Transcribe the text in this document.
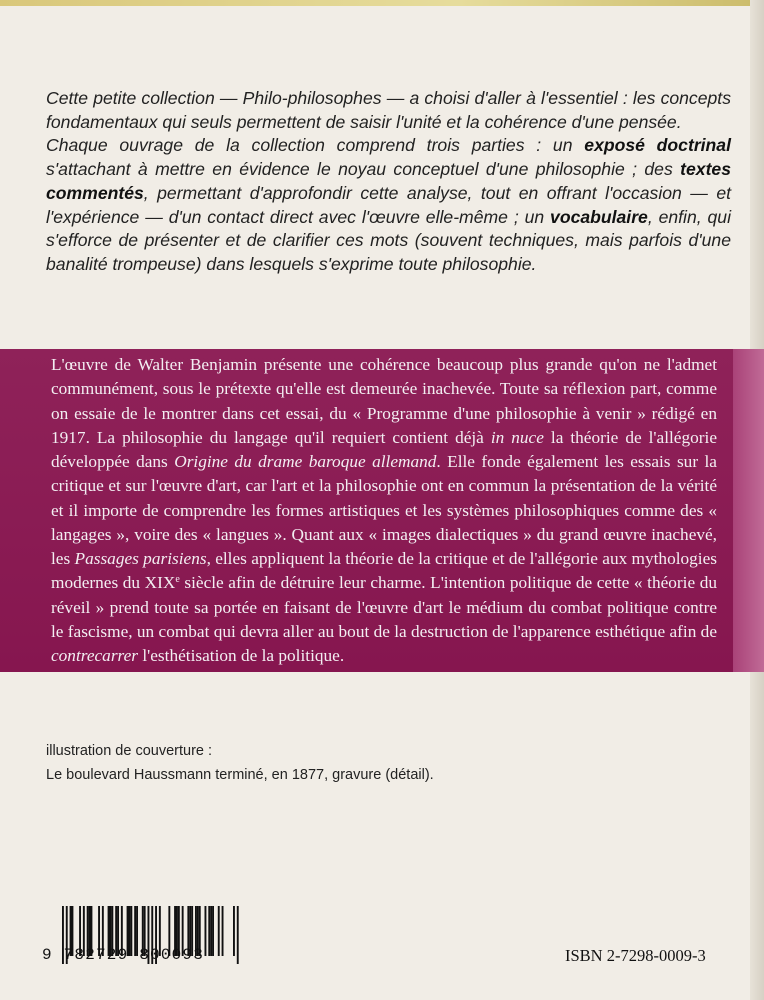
Cette petite collection — Philo-philosophes — a choisi d'aller à l'essentiel : les concepts fondamentaux qui seuls permettent de saisir l'unité et la cohérence d'une pensée.

Chaque ouvrage de la collection comprend trois parties : un exposé doctrinal s'attachant à mettre en évidence le noyau conceptuel d'une philosophie ; des textes commentés, permettant d'approfondir cette analyse, tout en offrant l'occasion — et l'expérience — d'un contact direct avec l'œuvre elle-même ; un vocabulaire, enfin, qui s'efforce de présenter et de clarifier ces mots (souvent techniques, mais parfois d'une banalité trompeuse) dans lesquels s'exprime toute philosophie.

L'œuvre de Walter Benjamin présente une cohérence beaucoup plus grande qu'on ne l'admet communément, sous le prétexte qu'elle est demeurée inachevée. Toute sa réflexion part, comme on essaie de le montrer dans cet essai, du « Programme d'une philosophie à venir » rédigé en 1917. La philosophie du langage qu'il requiert contient déjà in nuce la théorie de l'allégorie développée dans Origine du drame baroque allemand. Elle fonde également les essais sur la critique et sur l'œuvre d'art, car l'art et la philosophie ont en commun la présentation de la vérité et il importe de comprendre les formes artistiques et les systèmes philosophiques comme des « langages », voire des « langues ». Quant aux « images dialectiques » du grand œuvre inachevé, les Passages parisiens, elles appliquent la théorie de la critique et de l'allégorie aux mythologies modernes du XIXe siècle afin de détruire leur charme. L'intention politique de cette « théorie du réveil » prend toute sa portée en faisant de l'œuvre d'art le médium du combat politique contre le fascisme, un combat qui devra aller au bout de la destruction de l'apparence esthétique afin de contrecarrer l'esthétisation de la politique.

illustration de couverture :
Le boulevard Haussmann terminé, en 1877, gravure (détail).
9 782729 800093	ISBN 2-7298-0009-3
